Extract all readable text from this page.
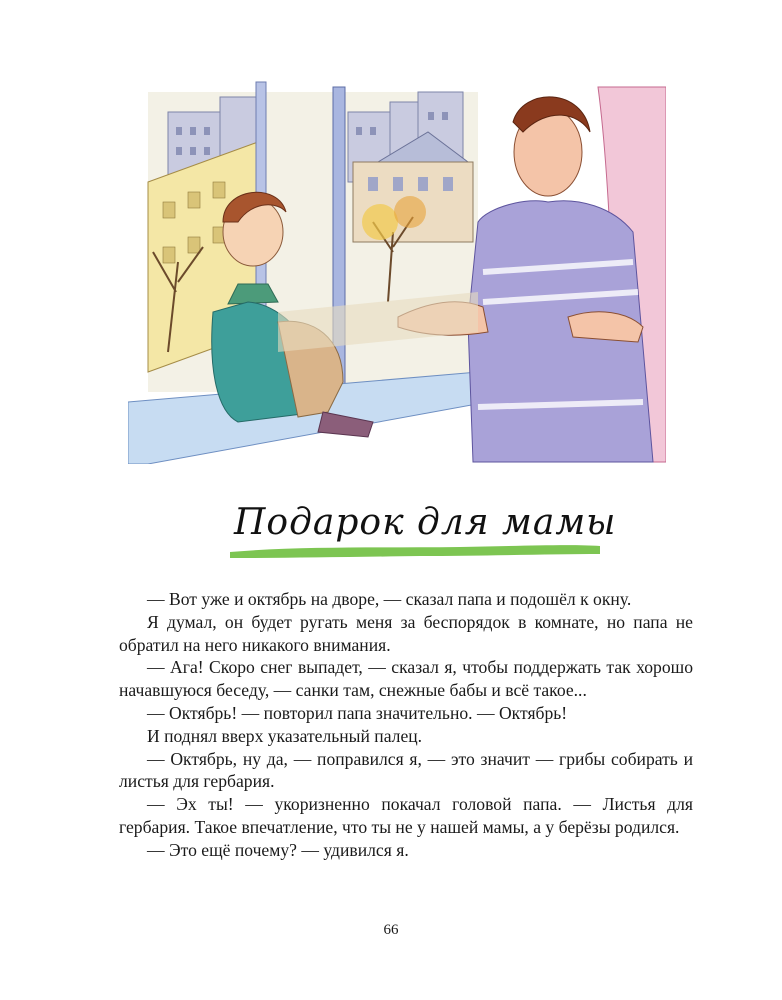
Подарок для мамы

— Вот уже и октябрь на дворе, — сказал папа и подошёл к окну.

Я думал, он будет ругать меня за беспорядок в комнате, но папа не обратил на него никакого внимания.

— Ага! Скоро снег выпадет, — сказал я, чтобы поддержать так хорошо начавшуюся беседу, — санки там, снежные бабы и всё такое...

— Октябрь! — повторил папа значительно. — Октябрь!

И поднял вверх указательный палец.

— Октябрь, ну да, — поправился я, — это значит — грибы собирать и листья для гербария.

— Эх ты! — укоризненно покачал головой папа. — Листья для гербария. Такое впечатление, что ты не у нашей мамы, а у берёзы родился.

— Это ещё почему? — удивился я.

66
